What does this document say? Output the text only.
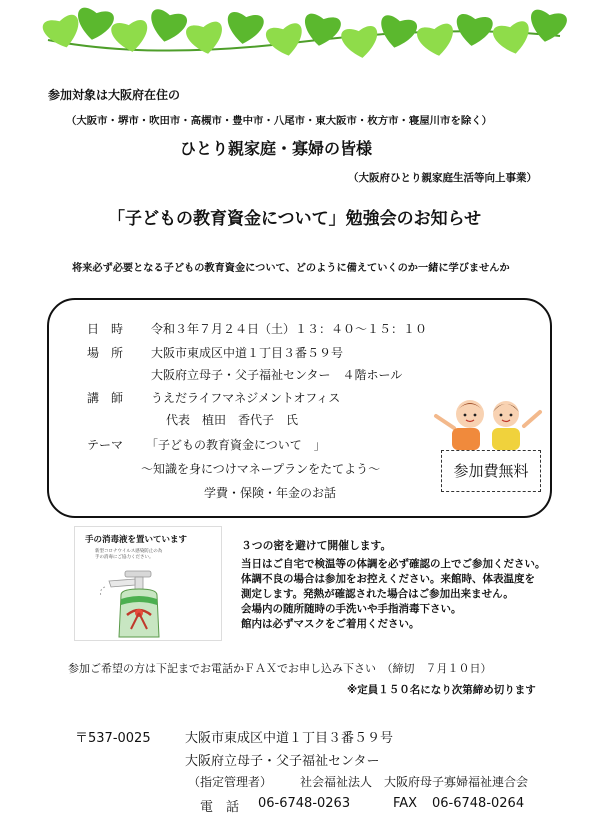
参加対象は大阪府在住の
（大阪市・堺市・吹田市・高槻市・豊中市・八尾市・東大阪市・枚方市・寝屋川市を除く）
ひとり親家庭・寡婦の皆様
（大阪府ひとり親家庭生活等向上事業）
「子どもの教育資金について」勉強会のお知らせ
将来必ず必要となる子どもの教育資金について、どのように備えていくのか一緒に学びませんか
日　時 令和３年７月２４日（土）１３：４０～１５：１０
場　所 大阪市東成区中道１丁目３番５９号
大阪府立母子・父子福祉センター　４階ホール
講　師 うえだライフマネジメントオフィス
代表　植田　香代子　氏
テーマ 「子どもの教育資金について　」
～知識を身につけマネープランをたてよう～
学費・保険・年金のお話
参加費無料
手の消毒液を置いています
新型コロナウイルス感染防止の為
手の消毒にご協力ください。
３つの密を避けて開催します。
当日はご自宅で検温等の体調を必ず確認の上でご参加ください。
体調不良の場合は参加をお控えください。来館時、体表温度を
測定します。発熱が確認された場合はご参加出来ません。
会場内の随所随時の手洗いや手指消毒下さい。
館内は必ずマスクをご着用ください。
参加ご希望の方は下記までお電話かＦＡＸでお申し込み下さい　（締切　７月１０日）
※定員１５０名になり次第締め切ります
〒537-0025	大阪市東成区中道１丁目３番５９号
大阪府立母子・父子福祉センター
（指定管理者） 社会福祉法人　大阪府母子寡婦福祉連合会
電　話 06-6748-0263	FAX 06-6748-0264
